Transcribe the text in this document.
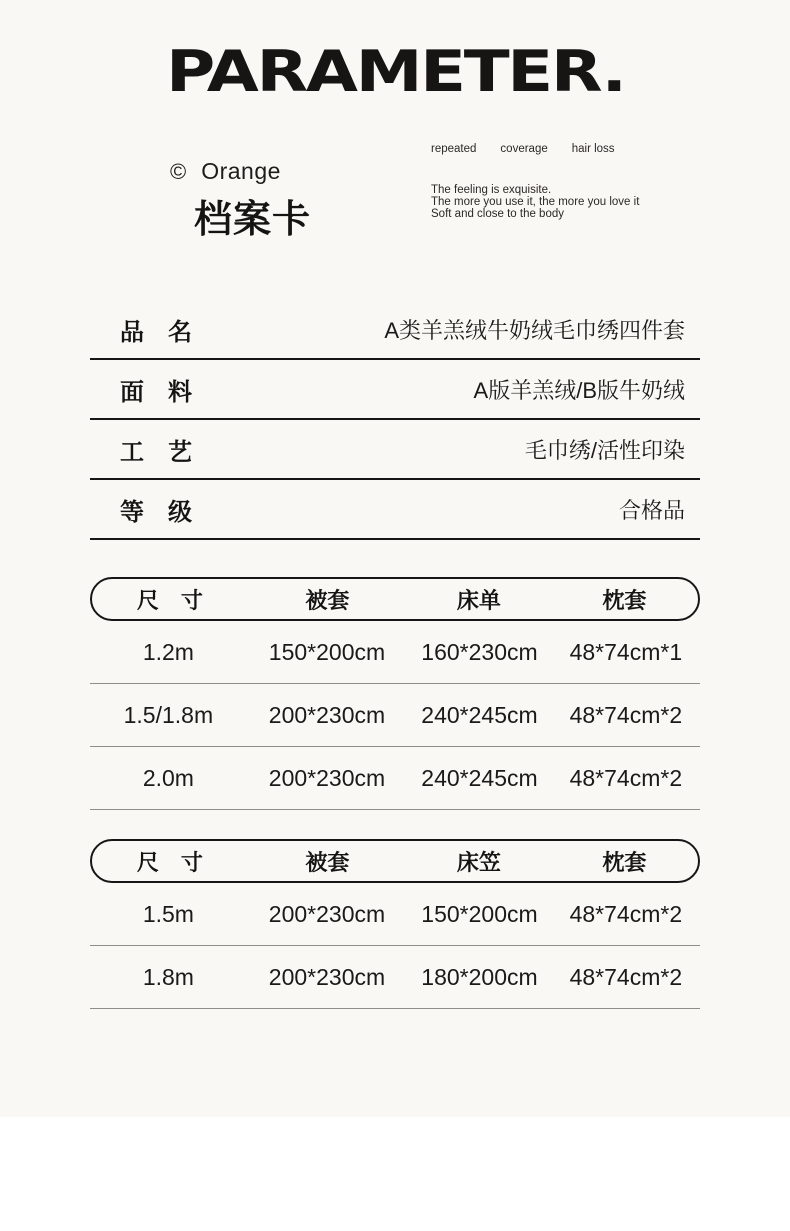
PARAMETER.
© Orange
档案卡
repeated coverage hair loss
The feeling is exquisite.
The more you use it, the more you love it
Soft and close to the body
品　名	A类羊羔绒牛奶绒毛巾绣四件套
面　料	A版羊羔绒/B版牛奶绒
工　艺	毛巾绣/活性印染
等　级	合格品
尺　寸	被套	床单	枕套
1.2m	150*200cm	160*230cm	48*74cm*1
1.5/1.8m	200*230cm	240*245cm	48*74cm*2
2.0m	200*230cm	240*245cm	48*74cm*2
尺　寸	被套	床笠	枕套
1.5m	200*230cm	150*200cm	48*74cm*2
1.8m	200*230cm	180*200cm	48*74cm*2
